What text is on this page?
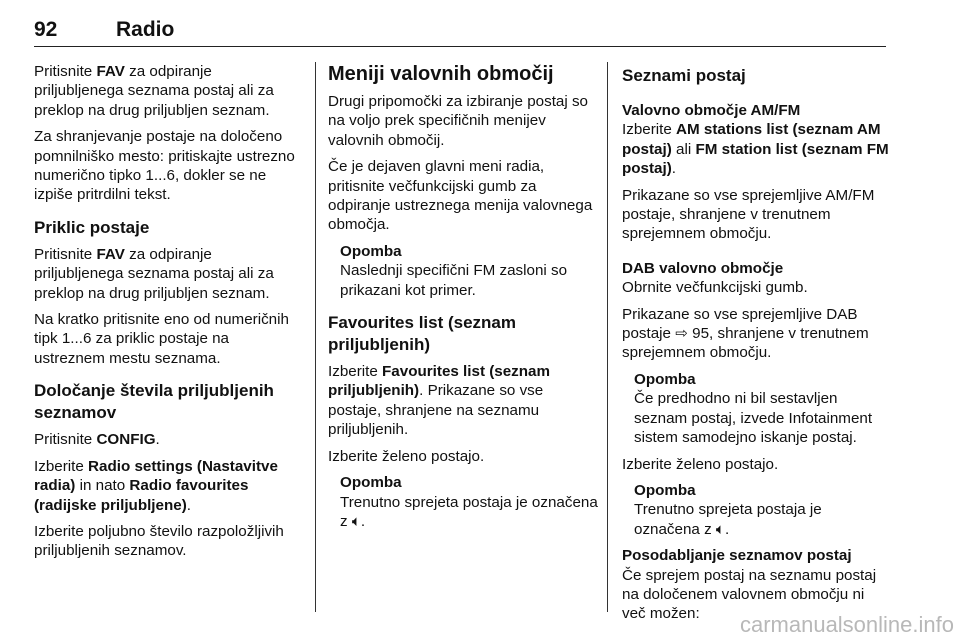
92	Radio

Pritisnite FAV za odpiranje priljubljenega seznama postaj ali za preklop na drug priljubljen seznam.

Za shranjevanje postaje na določeno pomnilniško mesto: pritiskajte ustrezno numerično tipko 1...6, dokler se ne izpiše pritrdilni tekst.

Priklic postaje

Pritisnite FAV za odpiranje priljubljenega seznama postaj ali za preklop na drug priljubljen seznam.

Na kratko pritisnite eno od numeričnih tipk 1...6 za priklic postaje na ustreznem mestu seznama.

Določanje števila priljubljenih seznamov

Pritisnite CONFIG.

Izberite Radio settings (Nastavitve radia) in nato Radio favourites (radijske priljubljene).

Izberite poljubno število razpoložljivih priljubljenih seznamov.

Meniji valovnih območij

Drugi pripomočki za izbiranje postaj so na voljo prek specifičnih menijev valovnih območij.

Če je dejaven glavni meni radia, pritisnite večfunkcijski gumb za odpiranje ustreznega menija valovnega območja.

Opomba
Naslednji specifični FM zasloni so prikazani kot primer.
Favourites list (seznam priljubljenih)

Izberite Favourites list (seznam priljubljenih). Prikazane so vse postaje, shranjene na seznamu priljubljenih.

Izberite želeno postajo.

Opomba
Trenutno sprejeta postaja je označena z 🔈︎.
Seznami postaj
Valovno območje AM/FM

Izberite AM stations list (seznam AM postaj) ali FM station list (seznam FM postaj).

Prikazane so vse sprejemljive AM/FM postaje, shranjene v trenutnem sprejemnem območju.

DAB valovno območje

Obrnite večfunkcijski gumb.

Prikazane so vse sprejemljive DAB postaje ⇨ 95, shranjene v trenutnem sprejemnem območju.

Opomba
Če predhodno ni bil sestavljen seznam postaj, izvede Infotainment sistem samodejno iskanje postaj.

Izberite želeno postajo.

Opomba
Trenutno sprejeta postaja je označena z 🔈︎.
Posodabljanje seznamov postaj

Če sprejem postaj na seznamu postaj na določenem valovnem območju ni več možen:	carmanualsonline.info
